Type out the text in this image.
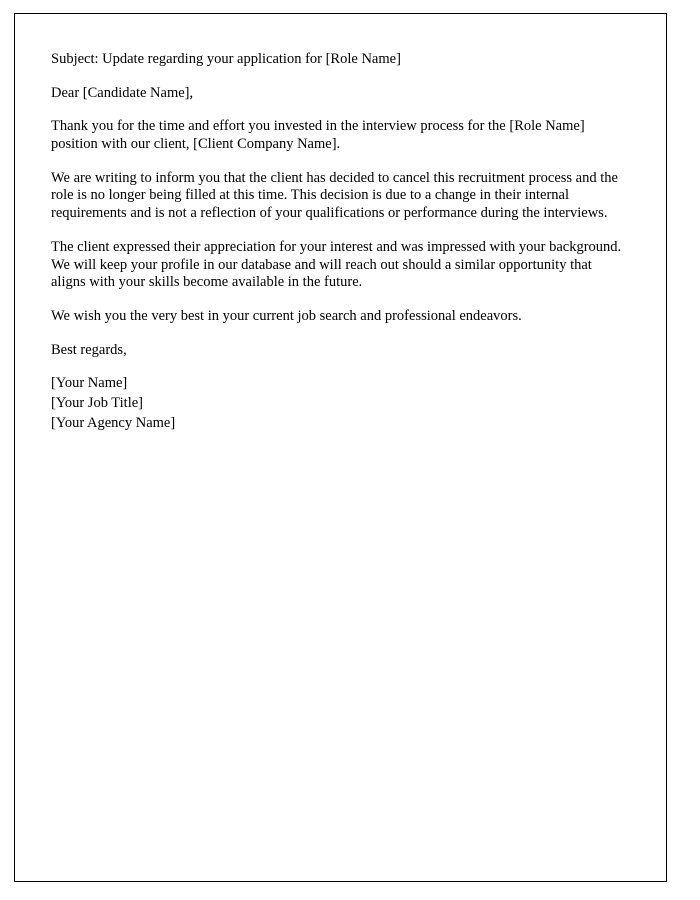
Subject: Update regarding your application for [Role Name]

Dear [Candidate Name],

Thank you for the time and effort you invested in the interview process for the [Role Name] position with our client, [Client Company Name].

We are writing to inform you that the client has decided to cancel this recruitment process and the role is no longer being filled at this time. This decision is due to a change in their internal requirements and is not a reflection of your qualifications or performance during the interviews.

The client expressed their appreciation for your interest and was impressed with your background. We will keep your profile in our database and will reach out should a similar opportunity that aligns with your skills become available in the future.

We wish you the very best in your current job search and professional endeavors.

Best regards,

[Your Name]

[Your Job Title]

[Your Agency Name]
